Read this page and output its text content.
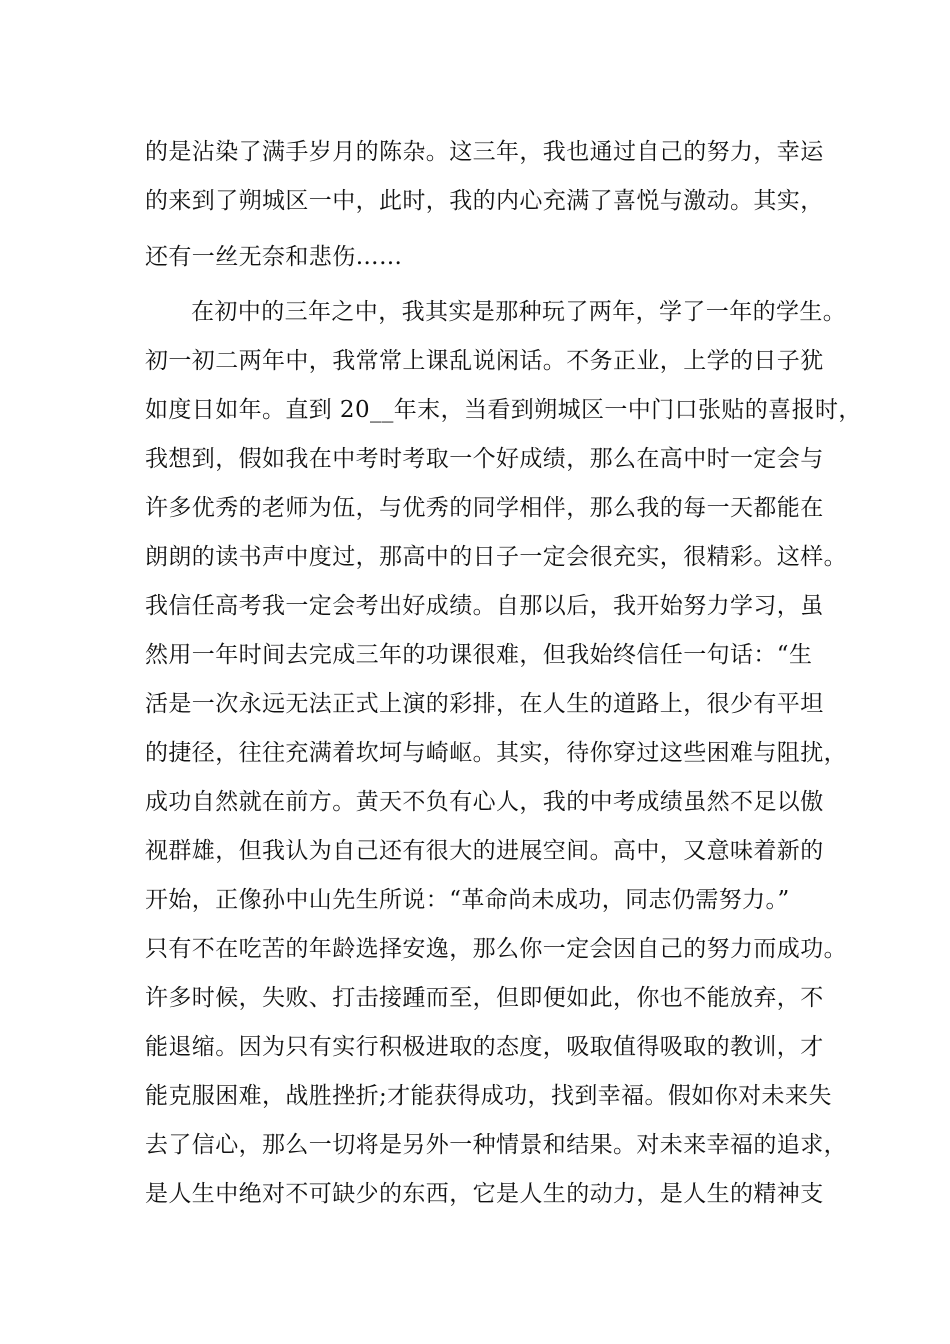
的是沾染了满手岁月的陈杂。这三年，我也通过自己的努力，幸运
的来到了朔城区一中，此时，我的内心充满了喜悦与激动。其实，
还有一丝无奈和悲伤……
在初中的三年之中，我其实是那种玩了两年，学了一年的学生。
初一初二两年中，我常常上课乱说闲话。不务正业，上学的日子犹
如度日如年。直到 20__年末，当看到朔城区一中门口张贴的喜报时，
我想到，假如我在中考时考取一个好成绩，那么在高中时一定会与
许多优秀的老师为伍，与优秀的同学相伴，那么我的每一天都能在
朗朗的读书声中度过，那高中的日子一定会很充实，很精彩。这样。
我信任高考我一定会考出好成绩。自那以后，我开始努力学习，虽
然用一年时间去完成三年的功课很难，但我始终信任一句话：“生
活是一次永远无法正式上演的彩排，在人生的道路上，很少有平坦
的捷径，往往充满着坎坷与崎岖。其实，待你穿过这些困难与阻扰，
成功自然就在前方。黄天不负有心人，我的中考成绩虽然不足以傲
视群雄，但我认为自己还有很大的进展空间。高中，又意味着新的
开始，正像孙中山先生所说：“革命尚未成功，同志仍需努力。”
只有不在吃苦的年龄选择安逸，那么你一定会因自己的努力而成功。
许多时候，失败、打击接踵而至，但即便如此，你也不能放弃，不
能退缩。因为只有实行积极进取的态度，吸取值得吸取的教训，才
能克服困难，战胜挫折;才能获得成功，找到幸福。假如你对未来失
去了信心，那么一切将是另外一种情景和结果。对未来幸福的追求，
是人生中绝对不可缺少的东西，它是人生的动力，是人生的精神支
